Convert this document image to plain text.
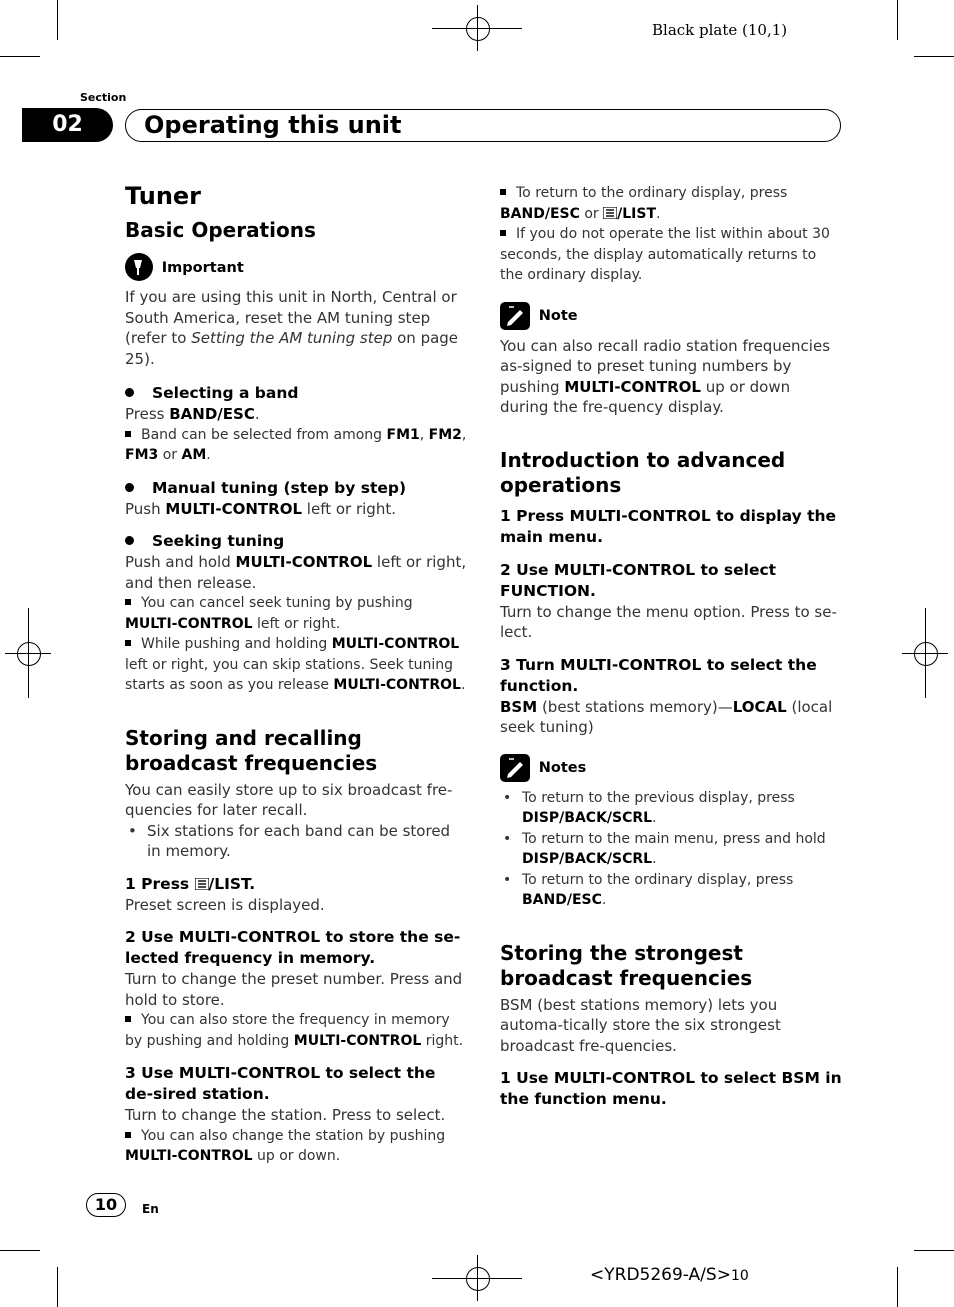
Black plate (10,1)
Section
02	Operating this unit
Tuner
Basic Operations
Important
If you are using this unit in North, Central or South America, reset the AM tuning step (refer to Setting the AM tuning step on page 25).
Selecting a band
Press BAND/ESC.
Band can be selected from among FM1, FM2,
FM3 or AM.
Manual tuning (step by step)
Push MULTI-CONTROL left or right.
Seeking tuning
Push and hold MULTI-CONTROL left or right, and then release.
You can cancel seek tuning by pushing MULTI-CONTROL left or right.
While pushing and holding MULTI-CONTROL left or right, you can skip stations. Seek tuning starts as soon as you release MULTI-CONTROL.
Storing and recalling broadcast frequencies
You can easily store up to six broadcast fre-quencies for later recall.
• Six stations for each band can be stored in memory.
1 Press /LIST.
Preset screen is displayed.
2 Use MULTI-CONTROL to store the se-lected frequency in memory.
Turn to change the preset number. Press and hold to store.
You can also store the frequency in memory by pushing and holding MULTI-CONTROL right.
3 Use MULTI-CONTROL to select the de-sired station.
Turn to change the station. Press to select.
You can also change the station by pushing MULTI-CONTROL up or down.
To return to the ordinary display, press BAND/ESC or /LIST.
If you do not operate the list within about 30 seconds, the display automatically returns to the ordinary display.
Note
You can also recall radio station frequencies as-signed to preset tuning numbers by pushing MULTI-CONTROL up or down during the fre-quency display.
Introduction to advanced operations
1 Press MULTI-CONTROL to display the main menu.
2 Use MULTI-CONTROL to select FUNCTION.
Turn to change the menu option. Press to se-lect.
3 Turn MULTI-CONTROL to select the function.
BSM (best stations memory)—LOCAL (local seek tuning)
Notes
• To return to the previous display, press DISP/BACK/SCRL.
• To return to the main menu, press and hold DISP/BACK/SCRL.
• To return to the ordinary display, press BAND/ESC.
Storing the strongest broadcast frequencies
BSM (best stations memory) lets you automa-tically store the six strongest broadcast fre-quencies.
1 Use MULTI-CONTROL to select BSM in the function menu.
10	En
<YRD5269-A/S>10
